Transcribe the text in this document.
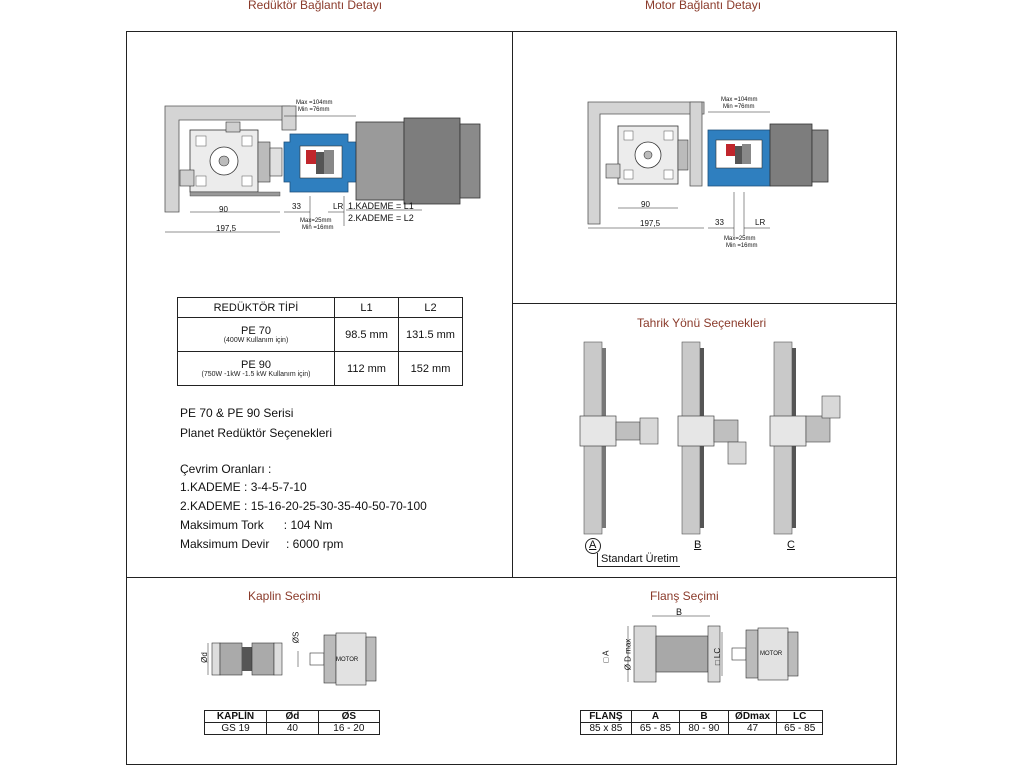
Redüktör Bağlantı Detayı	Motor Bağlantı Detayı
Max =104mm
Min =76mm
90	33	LR
197,5
Max=25mm
Min =16mm
1.KADEME = L1
2.KADEME = L2
Max =104mm
Min =76mm
90
33	LR
197,5
Max=25mm
Min =16mm
REDÜKTÖR TİPİ	L1	L2
PE 70
(400W Kullanım için)	98.5 mm	131.5 mm
PE 90
(750W -1kW -1.5 kW Kullanım için)	112 mm	152 mm
PE 70 & PE 90 Serisi
Planet Redüktör Seçenekleri
Çevrim Oranları :
1.KADEME : 3-4-5-7-10
2.KADEME : 15-16-20-25-30-35-40-50-70-100
Maksimum Tork      : 104 Nm
Maksimum Devir     : 6000 rpm
Tahrik Yönü Seçenekleri
A	B	C
Standart Üretim
Kaplin Seçimi
Ød
ØS
MOTOR
KAPLİN	Ød	ØS
GS 19	40	16 - 20
Flanş Seçimi
B
□ A Ø D max	□ LC	MOTOR
FLANŞ	A	B	ØDmax	LC
85 x 85	65 - 85	80 - 90	47	65 - 85
